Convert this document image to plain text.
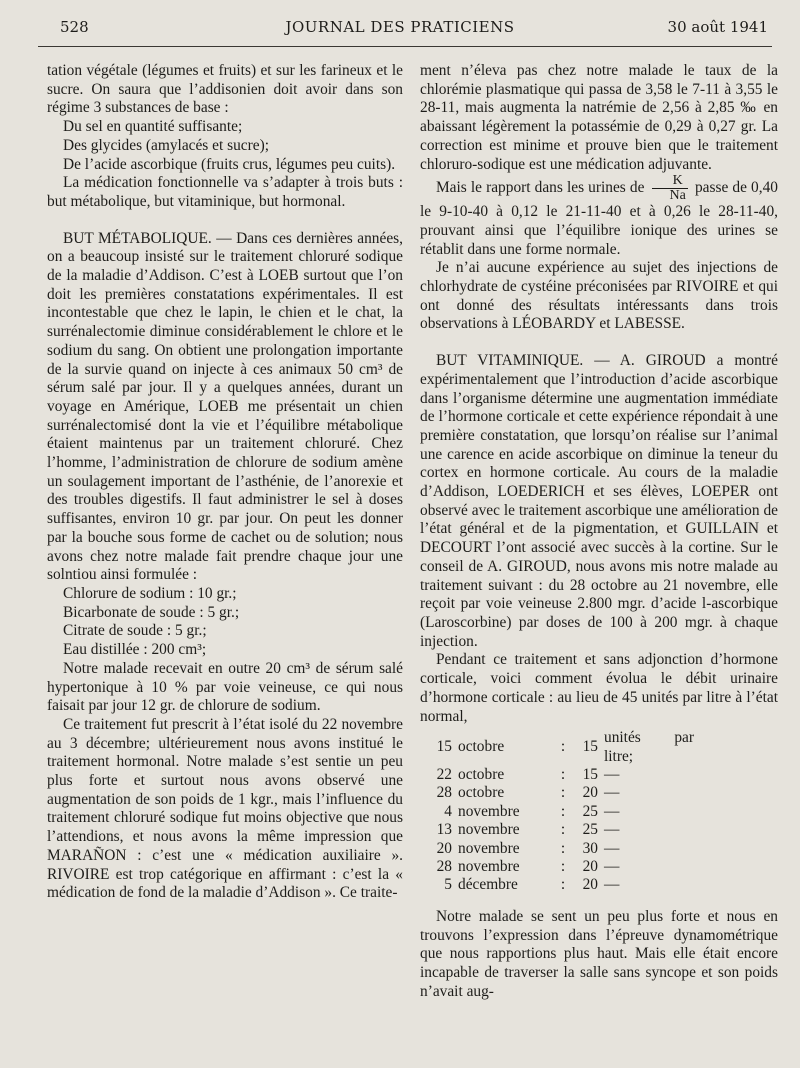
528	JOURNAL DES PRATICIENS	30 août 1941

tation végétale (légumes et fruits) et sur les farineux et le sucre. On saura que l’addisonien doit avoir dans son régime 3 substances de base :

Du sel en quantité suffisante;

Des glycides (amylacés et sucre);

De l’acide ascorbique (fruits crus, légumes peu cuits).

La médication fonctionnelle va s’adapter à trois buts : but métabolique, but vitaminique, but hormonal.

BUT MÉTABOLIQUE. — Dans ces dernières années, on a beaucoup insisté sur le traitement chloruré sodique de la maladie d’Addison. C’est à LOEB surtout que l’on doit les premières constatations expérimentales. Il est incontestable que chez le lapin, le chien et le chat, la surrénalectomie diminue considérablement le chlore et le sodium du sang. On obtient une prolongation importante de la survie quand on injecte à ces animaux 50 cm³ de sérum salé par jour. Il y a quelques années, durant un voyage en Amérique, LOEB me présentait un chien surrénalectomisé dont la vie et l’équilibre métabolique étaient maintenus par un traitement chloruré. Chez l’homme, l’administration de chlorure de sodium amène un soulagement important de l’asthénie, de l’anorexie et des troubles digestifs. Il faut administrer le sel à doses suffisantes, environ 10 gr. par jour. On peut les donner par la bouche sous forme de cachet ou de solution; nous avons chez notre malade fait prendre chaque jour une solntiou ainsi formulée :

Chlorure de sodium : 10 gr.;

Bicarbonate de soude : 5 gr.;

Citrate de soude : 5 gr.;

Eau distillée : 200 cm³;

Notre malade recevait en outre 20 cm³ de sérum salé hypertonique à 10 % par voie veineuse, ce qui nous faisait par jour 12 gr. de chlorure de sodium.

Ce traitement fut prescrit à l’état isolé du 22 novembre au 3 décembre; ultérieurement nous avons institué le traitement hormonal. Notre malade s’est sentie un peu plus forte et surtout nous avons observé une augmentation de son poids de 1 kgr., mais l’influence du traitement chloruré sodique fut moins objective que nous l’attendions, et nous avons la même impression que MARAÑON : c’est une « médication auxiliaire ». RIVOIRE est trop catégorique en affirmant : c’est la « médication de fond de la maladie d’Addison ». Ce traite-

ment n’éleva pas chez notre malade le taux de la chlorémie plasmatique qui passa de 3,58 le 7-11 à 3,55 le 28-11, mais augmenta la natrémie de 2,56 à 2,85 ‰ en abaissant légèrement la potassémie de 0,29 à 0,27 gr. La correction est minime et prouve bien que le traitement chloruro-sodique est une médication adjuvante.

Mais le rapport dans les urines de $\frac{K}{Na}$ passe de 0,40 le 9-10-40 à 0,12 le 21-11-40 et à 0,26 le 28-11-40, prouvant ainsi que l’équilibre ionique des urines se rétablit dans une forme normale.

Je n’ai aucune expérience au sujet des injections de chlorhydrate de cystéine préconisées par RIVOIRE et qui ont donné des résultats intéressants dans trois observations à LÉOBARDY et LABESSE.

BUT VITAMINIQUE. — A. GIROUD a montré expérimentalement que l’introduction d’acide ascorbique dans l’organisme détermine une augmentation immédiate de l’hormone corticale et cette expérience répondait à une première constatation, que lorsqu’on réalise sur l’animal une carence en acide ascorbique on diminue la teneur du cortex en hormone corticale. Au cours de la maladie d’Addison, LOEDERICH et ses élèves, LOEPER ont observé avec le traitement ascorbique une amélioration de l’état général et de la pigmentation, et GUILLAIN et DECOURT l’ont associé avec succès à la cortine. Sur le conseil de A. GIROUD, nous avons mis notre malade au traitement suivant : du 28 octobre au 21 novembre, elle reçoit par voie veineuse 2.800 mgr. d’acide l-ascorbique (Laroscorbine) par doses de 100 à 200 mgr. à chaque injection.

Pendant ce traitement et sans adjonction d’hormone corticale, voici comment évolua le débit urinaire d’hormone corticale : au lieu de 45 unités par litre à l’état normal,

15	octobre	:	15	unités par litre;
22	octobre	:	15	—
28	octobre	:	20	—
4	novembre	:	25	—
13	novembre	:	25	—
20	novembre	:	30	—
28	novembre	:	20	—
5	décembre	:	20	—

Notre malade se sent un peu plus forte et nous en trouvons l’expression dans l’épreuve dynamométrique que nous rapportions plus haut. Mais elle était encore incapable de traverser la salle sans syncope et son poids n’avait aug-
